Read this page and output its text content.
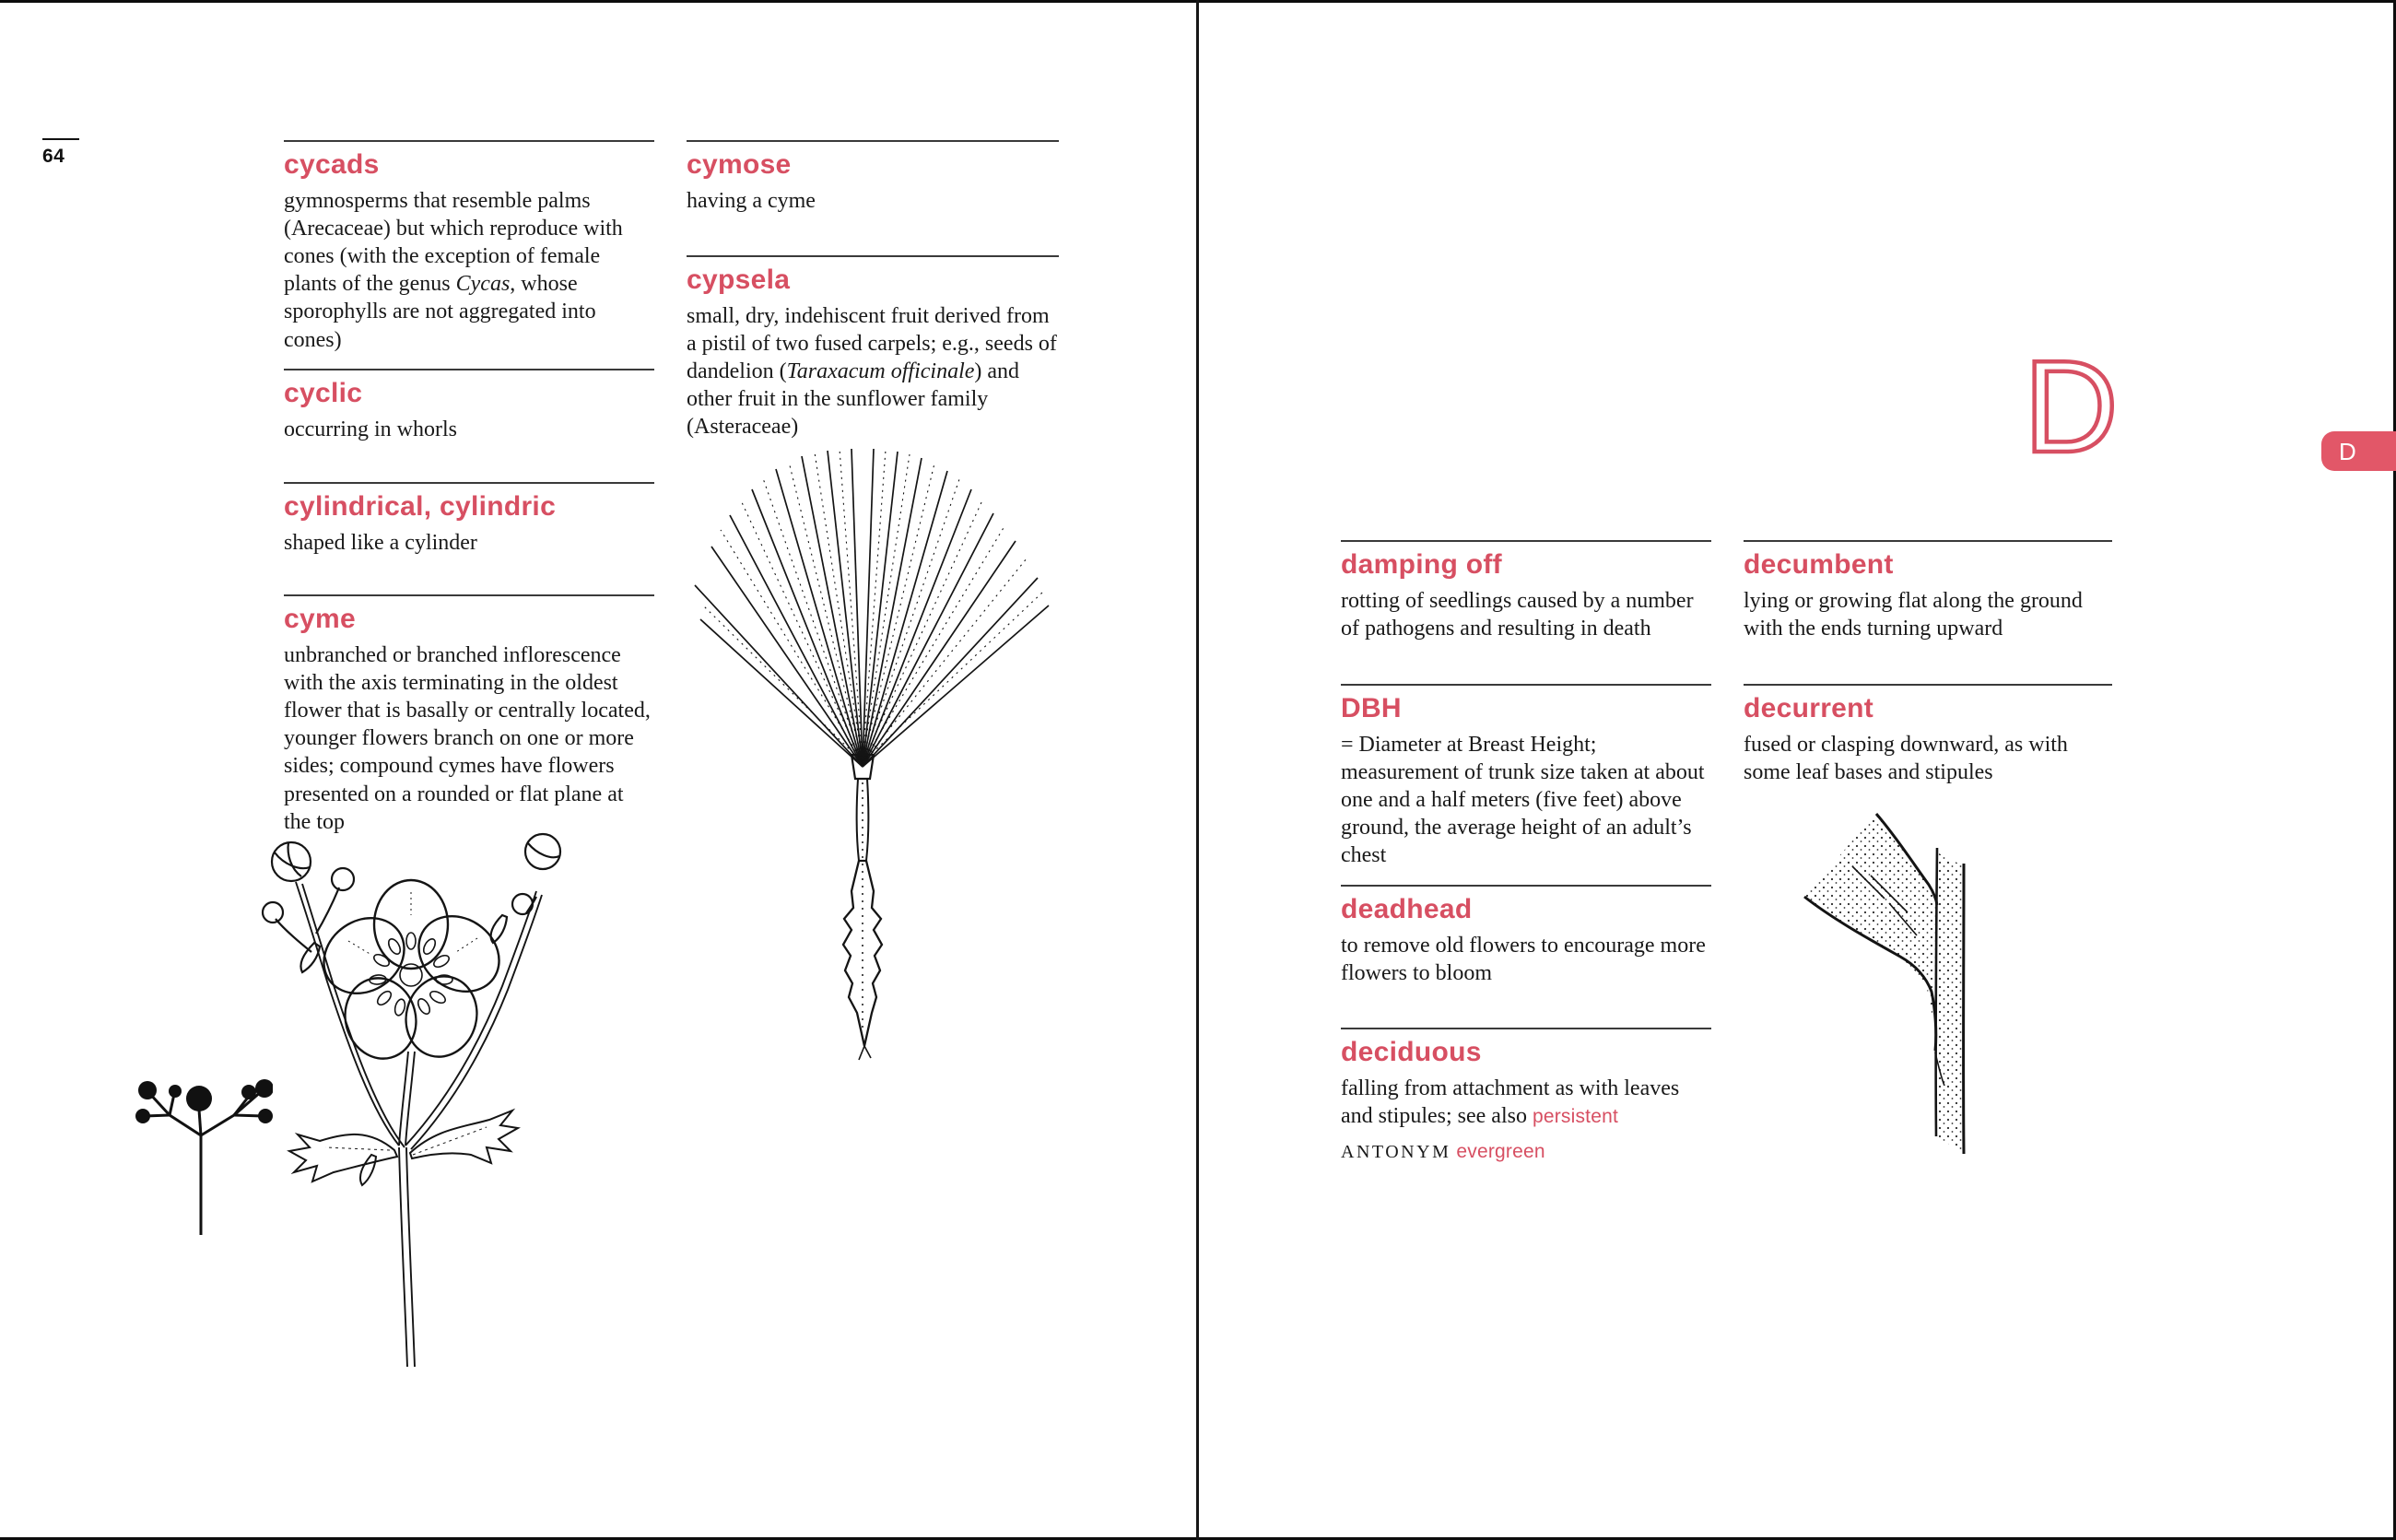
64	cycads

gymnosperms that resemble palms (Arecaceae) but which reproduce with cones (with the exception of female plants of the genus Cycas, whose sporophylls are not aggregated into cones)

cyclic

occurring in whorls

cylindrical, cylindric

shaped like a cylinder

cyme

unbranched or branched inflorescence with the axis terminating in the oldest flower that is basally or centrally located, younger flowers branch on one or more sides; compound cymes have flowers presented on a rounded or flat plane at the top

cymose

having a cyme

cypsela

small, dry, indehiscent fruit derived from a pistil of two fused carpels; e.g., seeds of dandelion (Taraxacum officinale) and other fruit in the sunflower family (Asteraceae)	D
damping off

rotting of seedlings caused by a number of pathogens and resulting in death

DBH

= Diameter at Breast Height; measurement of trunk size taken at about one and a half meters (five feet) above ground, the average height of an adult’s chest

deadhead

to remove old flowers to encourage more flowers to bloom

deciduous

falling from attachment as with leaves and stipules; see also persistent

ANTONYM evergreen

decumbent

lying or growing flat along the ground with the ends turning upward

decurrent

fused or clasping downward, as with some leaf bases and stipules

D
